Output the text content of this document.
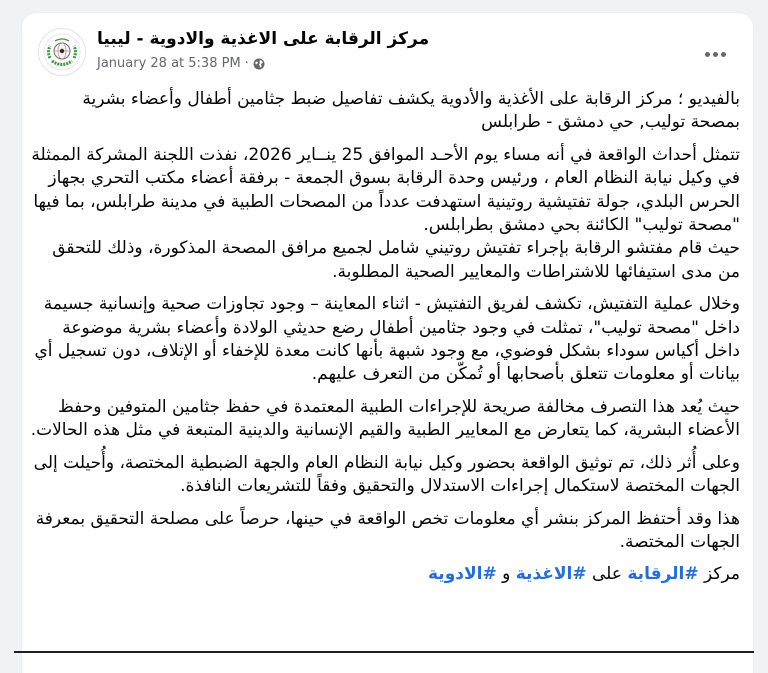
مركز الرقابة على الاغذية والادوية - ليبيا
January 28 at 5:38 PM ·

بالفيديو ؛ مركز الرقابة على الأغذية والأدوية يكشف تفاصيل ضبط جثامين أطفال وأعضاء بشرية بمصحة توليب, حي دمشق - طرابلس

تتمثل أحداث الواقعة في أنه مساء يوم الأحـد الموافق 25 ينــاير 2026، نفذت اللجنة المشركة الممثلة في وكيل نيابة النظام العام ، ورئيس وحدة الرقابة بسوق الجمعة - برفقة أعضاء مكتب التحري بجهاز الحرس البلدي، جولة تفتيشية روتينية استهدفت عدداً من المصحات الطبية في مدينة طرابلس، بما فيها "مصحة توليب" الكائنة بحي دمشق بطرابلس.

حيث قام مفتشو الرقابة بإجراء تفتيش روتيني شامل لجميع مرافق المصحة المذكورة، وذلك للتحقق من مدى استيفائها للاشتراطات والمعايير الصحية المطلوبة.

وخلال عملية التفتيش، تكشف لفريق التفتيش - اثناء المعاينة – وجود تجاوزات صحية وإنسانية جسيمة داخل "مصحة توليب"، تمثلت في وجود جثامين أطفال رضع حديثي الولادة وأعضاء بشرية موضوعة داخل أكياس سوداء بشكل فوضوي، مع وجود شبهة بأنها كانت معدة للإخفاء أو الإتلاف، دون تسجيل أي بيانات أو معلومات تتعلق بأصحابها أو تُمكّن من التعرف عليهم.

حيث يُعد هذا التصرف مخالفة صريحة للإجراءات الطبية المعتمدة في حفظ جثامين المتوفين وحفظ الأعضاء البشرية، كما يتعارض مع المعايير الطبية والقيم الإنسانية والدينية المتبعة في مثل هذه الحالات.

وعلى أُثر ذلك، تم توثيق الواقعة بحضور وكيل نيابة النظام العام والجهة الضبطية المختصة، وأُحيلت إلى الجهات المختصة لاستكمال إجراءات الاستدلال والتحقيق وفقاً للتشريعات النافذة.

هذا وقد أحتفظ المركز بنشر أي معلومات تخص الواقعة في حينها، حرصاً على مصلحة التحقيق بمعرفة الجهات المختصة.

مركز #الرقابة على #الاغذية و #الادوية
